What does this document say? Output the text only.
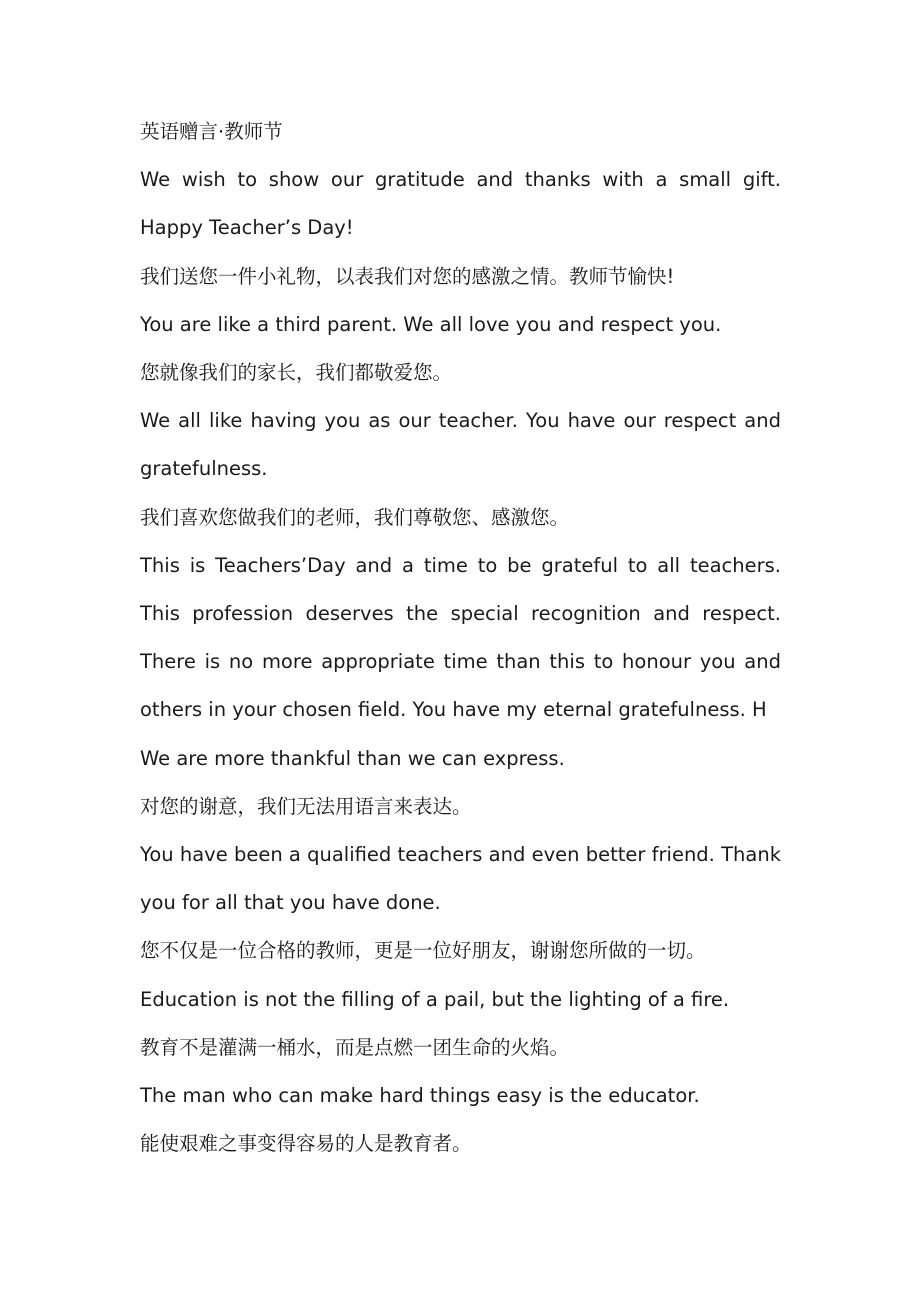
英语赠言·教师节

We wish to show our gratitude and thanks with a small gift. Happy Teacher’s Day!

我们送您一件小礼物，以表我们对您的感激之情。教师节愉快!

You are like a third parent. We all love you and respect you.

您就像我们的家长，我们都敬爱您。

We all like having you as our teacher. You have our respect and gratefulness.

我们喜欢您做我们的老师，我们尊敬您、感激您。

This is Teachers’Day and a time to be grateful to all teachers. This profession deserves the special recognition and respect. There is no more appropriate time than this to honour you and others in your chosen field. You have my eternal gratefulness. H

We are more thankful than we can express.

对您的谢意，我们无法用语言来表达。

You have been a qualified teachers and even better friend. Thank you for all that you have done.

您不仅是一位合格的教师，更是一位好朋友，谢谢您所做的一切。

Education is not the filling of a pail, but the lighting of a fire.

教育不是灌满一桶水，而是点燃一团生命的火焰。

The man who can make hard things easy is the educator.

能使艰难之事变得容易的人是教育者。
